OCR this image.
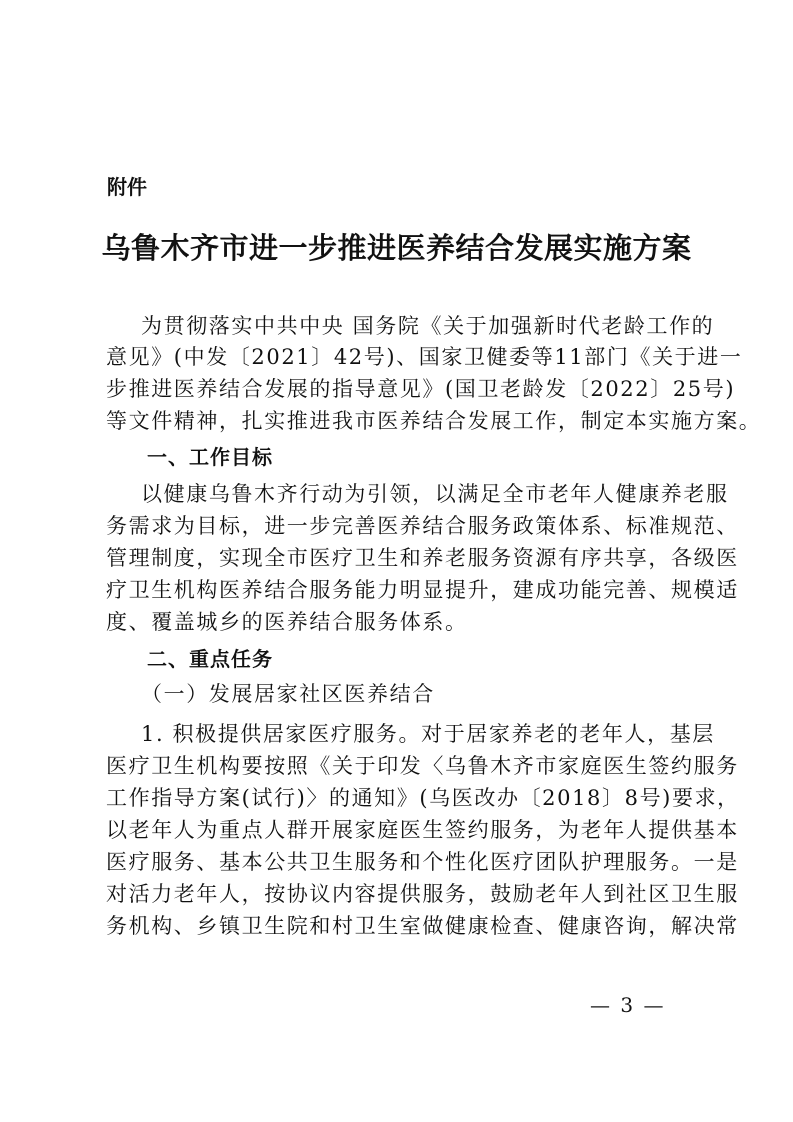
附件
乌鲁木齐市进一步推进医养结合发展实施方案
为贯彻落实中共中央 国务院《关于加强新时代老龄工作的
意见》(中发〔2021〕42号)、国家卫健委等11部门《关于进一
步推进医养结合发展的指导意见》(国卫老龄发〔2022〕25号)
等文件精神，扎实推进我市医养结合发展工作，制定本实施方案。
一、工作目标
以健康乌鲁木齐行动为引领，以满足全市老年人健康养老服
务需求为目标，进一步完善医养结合服务政策体系、标准规范、
管理制度，实现全市医疗卫生和养老服务资源有序共享，各级医
疗卫生机构医养结合服务能力明显提升，建成功能完善、规模适
度、覆盖城乡的医养结合服务体系。
二、重点任务
（一）发展居家社区医养结合
1. 积极提供居家医疗服务。对于居家养老的老年人，基层
医疗卫生机构要按照《关于印发〈乌鲁木齐市家庭医生签约服务
工作指导方案(试行)〉的通知》(乌医改办〔2018〕8号)要求，
以老年人为重点人群开展家庭医生签约服务，为老年人提供基本
医疗服务、基本公共卫生服务和个性化医疗团队护理服务。一是
对活力老年人，按协议内容提供服务，鼓励老年人到社区卫生服
务机构、乡镇卫生院和村卫生室做健康检查、健康咨询，解决常
— 3 —
